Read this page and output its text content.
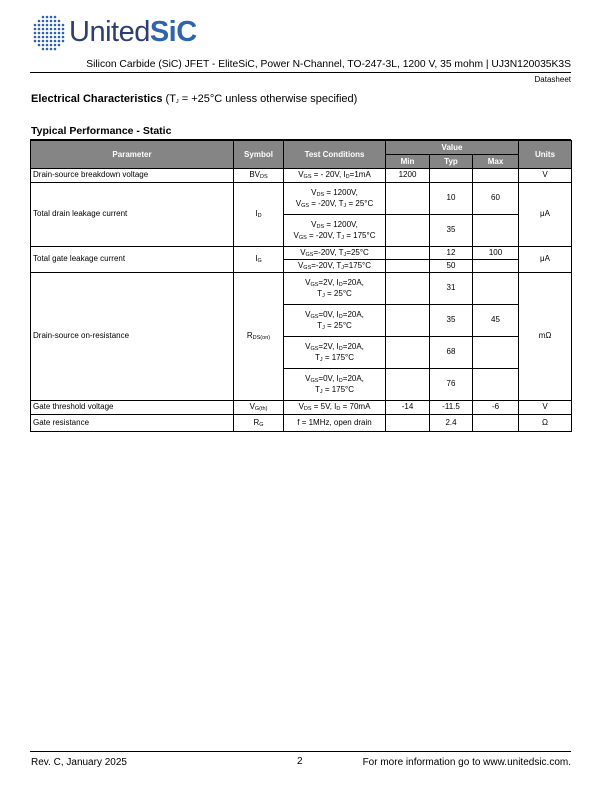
UnitedSiC
Silicon Carbide (SiC) JFET - EliteSiC, Power N-Channel, TO-247-3L, 1200 V, 35 mohm | UJ3N120035K3S
Datasheet
Electrical Characteristics ($T_J = +25^\circ C$ unless otherwise specified)
Typical Performance - Static
Parameter	Symbol	Test Conditions	Value			Units
			Min	Typ	Max	
Drain-source breakdown voltage	$BV_{DS}$	$V_{GS}$ = - 20V, $I_D=1mA$	1200			V
Total drain leakage current	$I_D$	$V_{DS} = 1200V$,
$V_{GS} = -20V$, $T_J = 25^\circ C$		10	60	μA
		$V_{DS} = 1200V$,
$V_{GS} = -20V$, $T_J = 175^\circ C$		35		
Total gate leakage current	$I_G$	$V_{GS}=-20V$, $T_J=25^\circ C$		12	100	μA
		$V_{GS}=-20V$, $T_J=175^\circ C$		50		
Drain-source on-resistance	$R_{DS(on)}$	$V_{GS}=2V$, $I_D=20A$,
$T_J = 25^\circ C$		31		mΩ
		$V_{GS}=0V$, $I_D=20A$,
$T_J = 25^\circ C$		35	45	
		$V_{GS}=2V$, $I_D=20A$,
$T_J = 175^\circ C$		68		
		$V_{GS}=0V$, $I_D=20A$,
$T_J = 175^\circ C$		76		
Gate threshold voltage	$V_{G(th)}$	$V_{DS} = 5V$, $I_D = 70mA$	-14	-11.5	-6	V
Gate resistance	$R_G$	f = 1MHz, open drain		2.4		Ω
Rev. C, January 2025	2	For more information go to www.unitedsic.com.
